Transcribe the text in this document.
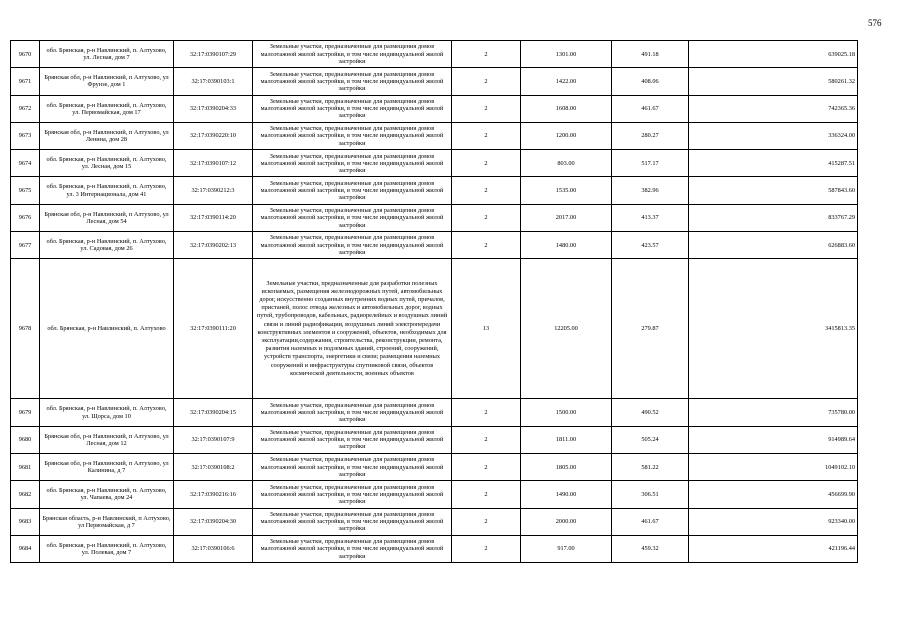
576
9670	обл. Брянская, р-н Навлинский, п. Алтухово, ул. Лесная, дом 7	32:17:0390107:29	Земельные участки, предназначенные для размещения домов малоэтажной жилой застройки, в том числе индивидуальной жилой застройки	2	1301.00	491.18	639025.18
9671	Брянская обл, р-н Навлинский, п Алтухово, ул Фрунзе, дом 1	32:17:0390103:1	Земельные участки, предназначенные для размещения домов малоэтажной жилой застройки, в том числе индивидуальной жилой застройки	2	1422.00	408.06	580261.32
9672	обл. Брянская, р-н Навлинский, п. Алтухово, ул. Первомайская, дом 17	32:17:0390204:33	Земельные участки, предназначенные для размещения домов малоэтажной жилой застройки, в том числе индивидуальной жилой застройки	2	1608.00	461.67	742365.36
9673	Брянская обл, р-н Навлинский, п Алтухово, ул Ленина, дом 28	32:17:0390220:10	Земельные участки, предназначенные для размещения домов малоэтажной жилой застройки, в том числе индивидуальной жилой застройки	2	1200.00	280.27	336324.00
9674	обл. Брянская, р-н Навлинский, п. Алтухово, ул. Лесная, дом 15	32:17:0390107:12	Земельные участки, предназначенные для размещения домов малоэтажной жилой застройки, в том числе индивидуальной жилой застройки	2	803.00	517.17	415287.51
9675	обл. Брянская, р-н Навлинский, п. Алтухово, ул. 3 Интернационала, дом 41	32:17:0390212:3	Земельные участки, предназначенные для размещения домов малоэтажной жилой застройки, в том числе индивидуальной жилой застройки	2	1535.00	382.96	587843.60
9676	Брянская обл, р-н Навлинский, п Алтухово, ул Лесная, дом 54	32:17:0390114:20	Земельные участки, предназначенные для размещения домов малоэтажной жилой застройки, в том числе индивидуальной жилой застройки	2	2017.00	413.37	833767.29
9677	обл. Брянская, р-н Навлинский, п. Алтухово, ул. Садовая, дом 26	32:17:0390202:13	Земельные участки, предназначенные для размещения домов малоэтажной жилой застройки, в том числе индивидуальной жилой застройки	2	1480.00	423.57	626883.60
9678	обл. Брянская, р-н Навлинский, п. Алтухово	32:17:0390111:20	Земельные участки, предназначенные для разработки полезных ископаемых, размещения железнодорожных путей, автомобильных дорог, искусственно созданных внутренних водных путей, причалов, пристаней, полос отвода железных и автомобильных дорог, водных путей, трубопроводов, кабельных, радиорелейных и воздушных линий связи и линий радиофикации, воздушных линий электропередачи конструктивных элементов и сооружений, объектов, необходимых для эксплуатации,содержания, строительства, реконструкции, ремонта, развития наземных и подземных зданий, строений, сооружений, устройств транспорта, энергетики и связи; размещения наземных сооружений и инфраструктуры спутниковой связи, объектов космической деятельности, военных объектов	13	12205.00	279.87	3415813.35
9679	обл. Брянская, р-н Навлинский, п. Алтухово, ул. Щорса, дом 10	32:17:0390204:15	Земельные участки, предназначенные для размещения домов малоэтажной жилой застройки, в том числе индивидуальной жилой застройки	2	1500.00	490.52	735780.00
9680	Брянская обл, р-н Навлинский, п Алтухово, ул Лесная, дом 12	32:17:0390107:9	Земельные участки, предназначенные для размещения домов малоэтажной жилой застройки, в том числе индивидуальной жилой застройки	2	1811.00	505.24	914989.64
9681	Брянская обл, р-н Навлинский, п Алтухово, ул Калинина, д 7	32:17:0390108:2	Земельные участки, предназначенные для размещения домов малоэтажной жилой застройки, в том числе индивидуальной жилой застройки	2	1805.00	581.22	1049102.10
9682	обл. Брянская, р-н Навлинский, п. Алтухово, ул. Чапаева, дом 24	32:17:0390216:16	Земельные участки, предназначенные для размещения домов малоэтажной жилой застройки, в том числе индивидуальной жилой застройки	2	1490.00	306.51	456699.90
9683	Брянская область, р-н Навлинский, п Алтухово, ул Первомайская, д 7	32:17:0390204:30	Земельные участки, предназначенные для размещения домов малоэтажной жилой застройки, в том числе индивидуальной жилой застройки	2	2000.00	461.67	923340.00
9684	обл. Брянская, р-н Навлинский, п. Алтухово, ул. Полевая, дом 7	32:17:0390106:6	Земельные участки, предназначенные для размещения домов малоэтажной жилой застройки, в том числе индивидуальной жилой застройки	2	917.00	459.32	421196.44
